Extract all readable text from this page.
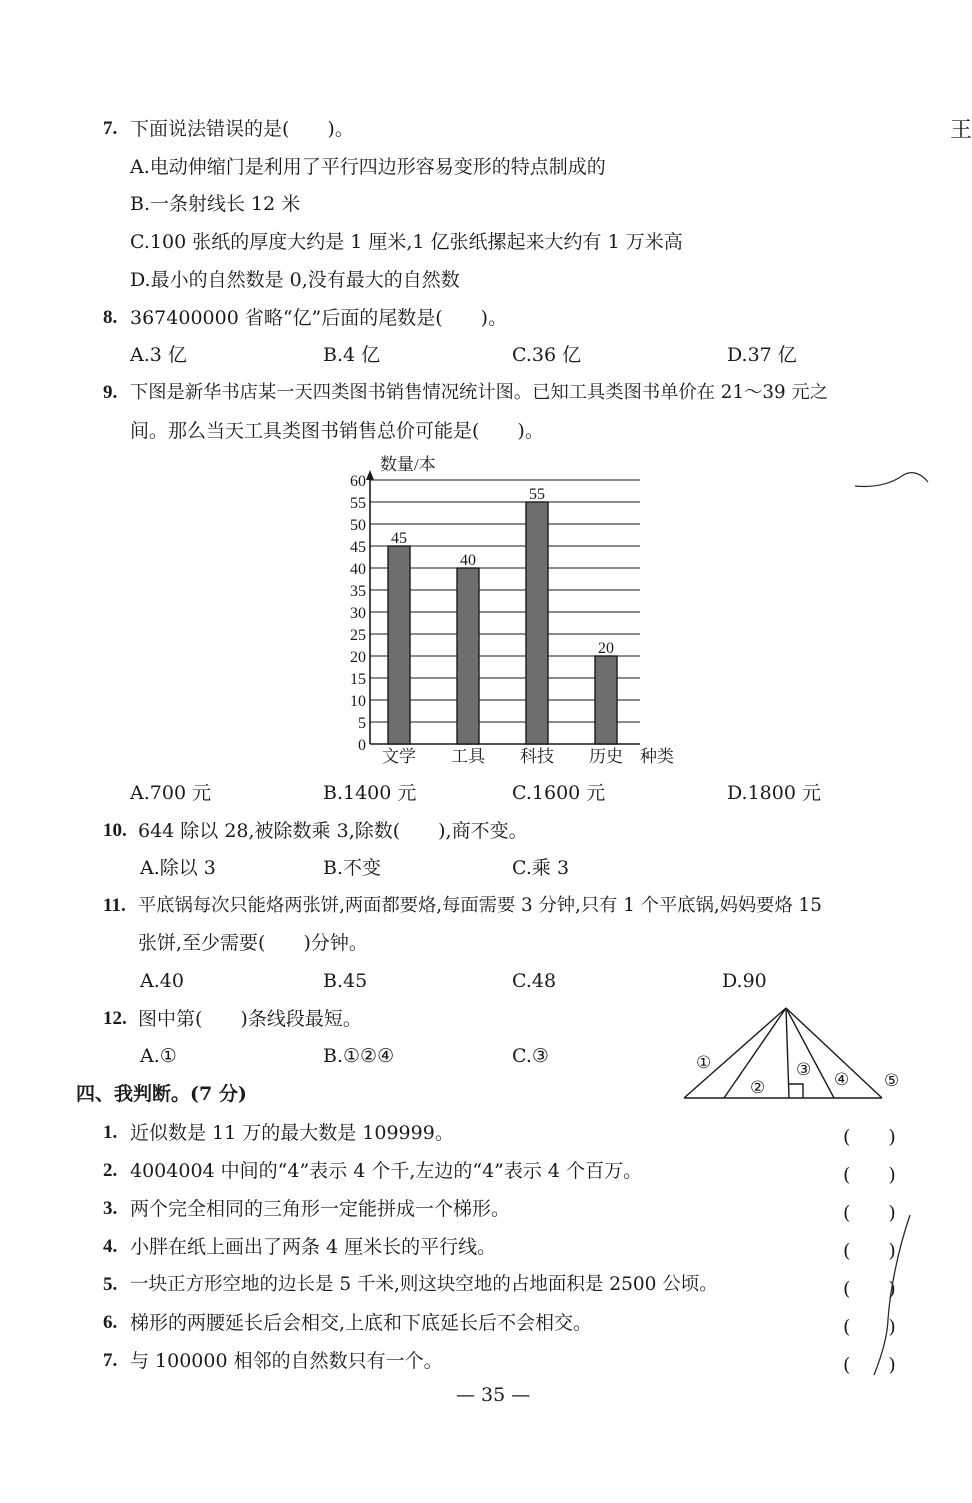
王
7. 下面说法错误的是(　　)。
A.电动伸缩门是利用了平行四边形容易变形的特点制成的
B.一条射线长 12 米
C.100 张纸的厚度大约是 1 厘米,1 亿张纸摞起来大约有 1 万米高
D.最小的自然数是 0,没有最大的自然数
8. 367400000 省略“亿”后面的尾数是(　　)。
A.3 亿	B.4 亿	C.36 亿	D.37 亿
9. 下图是新华书店某一天四类图书销售情况统计图。已知工具类图书单价在 21～39 元之
间。那么当天工具类图书销售总价可能是(　　)。
0
5
10
15
20
25
30
35
40
45
50
55
60
45
40
55
20
文学 工具 科技 历史
数量/本
种类
A.700 元	B.1400 元	C.1600 元	D.1800 元
10. 644 除以 28,被除数乘 3,除数(　　),商不变。
A.除以 3	B.不变	C.乘 3
11. 平底锅每次只能烙两张饼,两面都要烙,每面需要 3 分钟,只有 1 个平底锅,妈妈要烙 15
张饼,至少需要(　　)分钟。
A.40	B.45	C.48	D.90
12. 图中第(　　)条线段最短。
A.①	B.①②④	C.③	①
②
③
④ ⑤
四、我判断。(7 分)
1. 近似数是 11 万的最大数是 109999。	(　　)
2. 4004004 中间的“4”表示 4 个千,左边的“4”表示 4 个百万。	(　　)
3. 两个完全相同的三角形一定能拼成一个梯形。	(　　)
4. 小胖在纸上画出了两条 4 厘米长的平行线。	(　　)
5. 一块正方形空地的边长是 5 千米,则这块空地的占地面积是 2500 公顷。	(　　)
6. 梯形的两腰延长后会相交,上底和下底延长后不会相交。	(　　)
7. 与 100000 相邻的自然数只有一个。	(　　)
— 35 —
